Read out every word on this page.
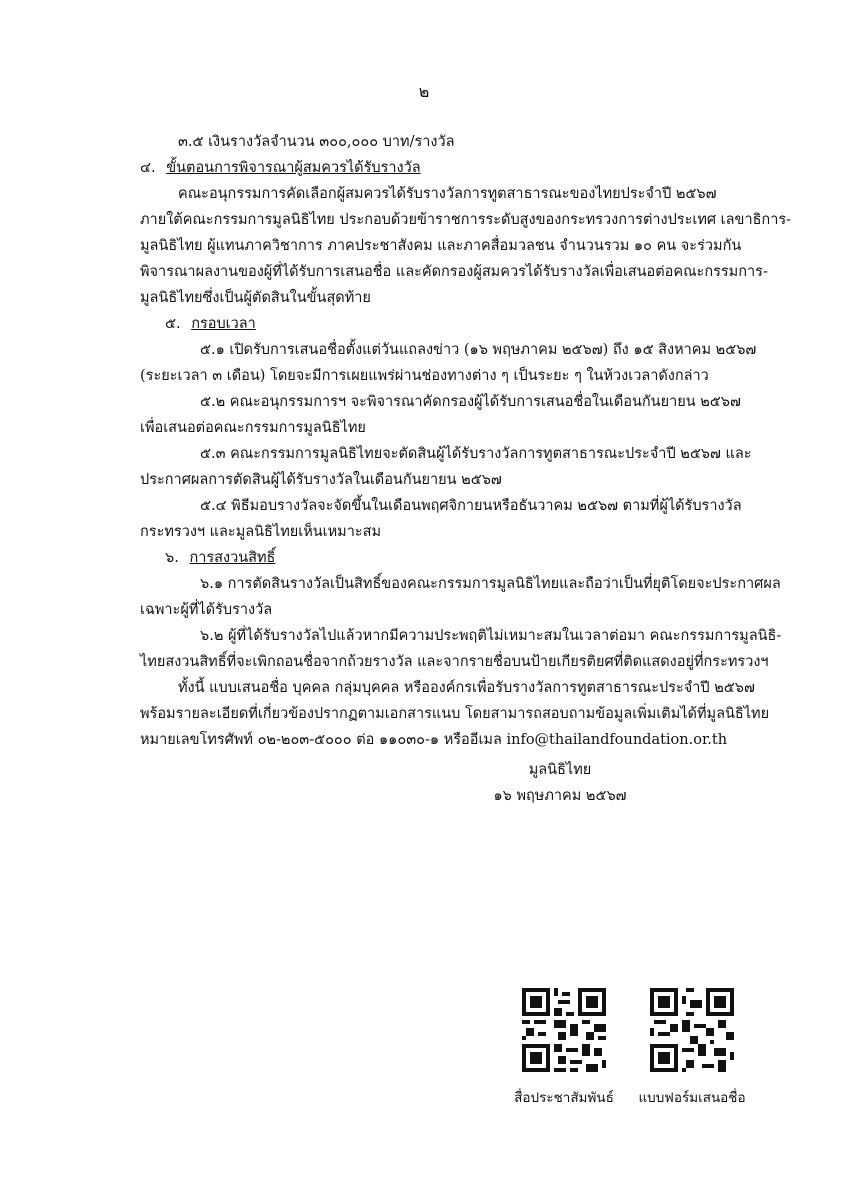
๒
๓.๕ เงินรางวัลจำนวน ๓๐๐,๐๐๐ บาท/รางวัล
๔. ขั้นตอนการพิจารณาผู้สมควรได้รับรางวัล
คณะอนุกรรมการคัดเลือกผู้สมควรได้รับรางวัลการทูตสาธารณะของไทยประจำปี ๒๕๖๗
ภายใต้คณะกรรมการมูลนิธิไทย ประกอบด้วยข้าราชการระดับสูงของกระทรวงการต่างประเทศ เลขาธิการ-
มูลนิธิไทย ผู้แทนภาควิชาการ ภาคประชาสังคม และภาคสื่อมวลชน จำนวนรวม ๑๐ คน จะร่วมกัน
พิจารณาผลงานของผู้ที่ได้รับการเสนอชื่อ และคัดกรองผู้สมควรได้รับรางวัลเพื่อเสนอต่อคณะกรรมการ-
มูลนิธิไทยซึ่งเป็นผู้ตัดสินในขั้นสุดท้าย
๕. กรอบเวลา
๕.๑ เปิดรับการเสนอชื่อตั้งแต่วันแถลงข่าว (๑๖ พฤษภาคม ๒๕๖๗) ถึง ๑๕ สิงหาคม ๒๕๖๗
(ระยะเวลา ๓ เดือน) โดยจะมีการเผยแพร่ผ่านช่องทางต่าง ๆ เป็นระยะ ๆ ในห้วงเวลาดังกล่าว
๕.๒ คณะอนุกรรมการฯ จะพิจารณาคัดกรองผู้ได้รับการเสนอชื่อในเดือนกันยายน ๒๕๖๗
เพื่อเสนอต่อคณะกรรมการมูลนิธิไทย
๕.๓ คณะกรรมการมูลนิธิไทยจะตัดสินผู้ได้รับรางวัลการทูตสาธารณะประจำปี ๒๕๖๗ และ
ประกาศผลการตัดสินผู้ได้รับรางวัลในเดือนกันยายน ๒๕๖๗
๕.๔ พิธีมอบรางวัลจะจัดขึ้นในเดือนพฤศจิกายนหรือธันวาคม ๒๕๖๗ ตามที่ผู้ได้รับรางวัล
กระทรวงฯ และมูลนิธิไทยเห็นเหมาะสม
๖. การสงวนสิทธิ์
๖.๑ การตัดสินรางวัลเป็นสิทธิ์ของคณะกรรมการมูลนิธิไทยและถือว่าเป็นที่ยุติโดยจะประกาศผล
เฉพาะผู้ที่ได้รับรางวัล
๖.๒ ผู้ที่ได้รับรางวัลไปแล้วหากมีความประพฤติไม่เหมาะสมในเวลาต่อมา คณะกรรมการมูลนิธิ-
ไทยสงวนสิทธิ์ที่จะเพิกถอนชื่อจากถ้วยรางวัล และจากรายชื่อบนป้ายเกียรติยศที่ติดแสดงอยู่ที่กระทรวงฯ
ทั้งนี้ แบบเสนอชื่อ บุคคล กลุ่มบุคคล หรือองค์กรเพื่อรับรางวัลการทูตสาธารณะประจำปี ๒๕๖๗
พร้อมรายละเอียดที่เกี่ยวข้องปรากฏตามเอกสารแนบ โดยสามารถสอบถามข้อมูลเพิ่มเติมได้ที่มูลนิธิไทย
หมายเลขโทรศัพท์ ๐๒-๒๐๓-๕๐๐๐ ต่อ ๑๑๐๓๐-๑ หรืออีเมล info@thailandfoundation.or.th
มูลนิธิไทย
๑๖ พฤษภาคม ๒๕๖๗
สื่อประชาสัมพันธ์	แบบฟอร์มเสนอชื่อ
